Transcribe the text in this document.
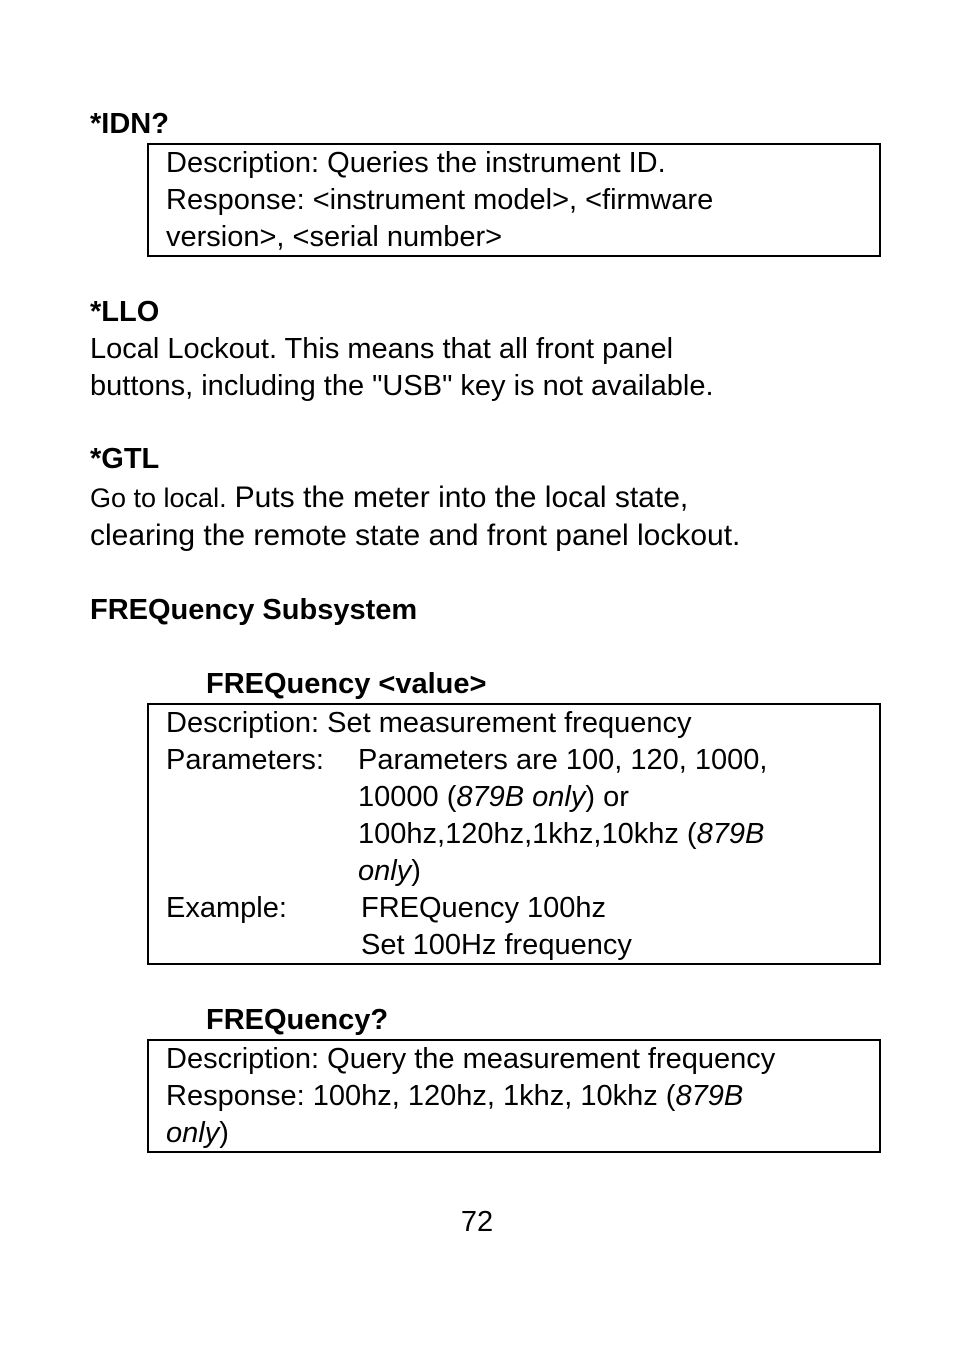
*IDN?
Description: Queries the instrument ID.
Response: <instrument model>, <firmware
version>, <serial number>
*LLO
Local Lockout. This means that all front panel
buttons, including the "USB" key is not available.
*GTL
Go to local. Puts the meter into the local state,
clearing the remote state and front panel lockout.
FREQuency Subsystem
FREQuency <value>
Description: Set measurement frequency
Parameters: Parameters are 100, 120, 1000,
10000 (879B only) or
100hz,120hz,1khz,10khz (879B
only)
Example:	FREQuency 100hz
Set 100Hz frequency
FREQuency?
Description: Query the measurement frequency
Response: 100hz, 120hz, 1khz, 10khz (879B
only)
72
